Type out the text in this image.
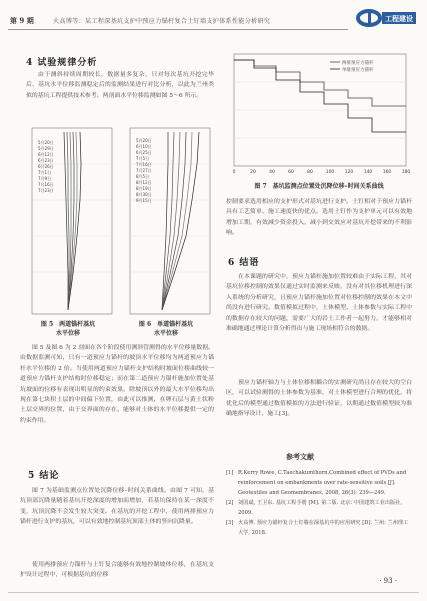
第 9 期	火高博等：某工程深基坑支护中预应力锚杆复合土钉墙支护体系性能分析研究	工程建设
4 试验规律分析

由于测斜持续周期较长，数据量多复杂，只对每次基坑开挖完毕后，基坑水平位移监测稳定后的监测结果进行对比分析，以此为兰州类似的基坑工程提供技术参考。两剖面水平位移监测如图 5～6 所示。

5月20日
5月29日
6月12日
6月23日
6月26日
7月1日
7月9日
7月16日
7月23日
图 5　两道锚杆基坑
水平位移
5月20日
6月10日
6月25日
7月5日
7月16日
7月27日
8月5日
8月12日
8月19日
8月30日
9月15日
图 6　单道锚杆基坑
水平位移

图 5 及图 6 为 2 剖面在各个阶段使用测斜管测得的水平位移量数据。由数据监测可知，只有一道预应力锚杆的坡顶水平位移均为两道预应力锚杆水平位移的 2 倍。当使用两道预应力锚杆支护结构时坡面位移曲线较一道预应力锚杆支护结构时位移稳定；而在第二道预应力锚杆施加位置处基坑坡面的位移有表现出明显的约束效果。除坡顶以外的最大水平位移均出现在第七块积土层的中间偏下位置，由此可以推测，在卵石层与黄土状粉土层交界的位置，由于交界面的存在，能够对土体的水平位移提供一定的约束作用。

5 结论

图 7 为基础监测点位置处沉降位移–时间关系曲线。由图 7 可知，基坑顶部沉降量随着基坑开挖深度的增加而增加，若基坑保持在某一深度不变，坑顶沉降不会发生较大突变。在基坑的开挖工程中，使用两排预应力锚杆进行支护的基坑，可以有效地控制基坑顶部土体的竖向沉降量。

使用两排预应力锚杆与土钉复合能够有效地控制坡体位移，在基坑支护设计过程中，可根据基坑的位移

两排预应力锚杆
单排预应力锚杆
0	20	40	60	80	100 120 140 160 180
图 7　基坑监测点位置处沉降位移–时间关系曲线

控制要求选用相应的支护形式对基坑进行支护。土钉相对于预应力锚杆具有工艺简单、施工速度快的优点。选用土钉作为支护单元可以有效地增加工期，有效减少资金投入，减小到交效应对基坑开挖带来的不利影响。

6 结语

在本课题的研究中，预应力锚杆施加位置较难由于实际工程，其对基坑位移控制的效果仅通过实时监测来反映，没有对其位移机理进行深入系统的分析研究，且预应力锚杆施加位置对位移控制的效果在本文中尚没有进行研究。数值模拟过程中，土体模型、土体参数与实际工程中的数据存在较大的问题，需要广大的岩土工作者一起努力，才能够相对准确地通过理论计算分析得出与施工现场相符合的数据。

预应力锚杆轴力与土体位移相耦合的实测研究尚且存在较大的空白区，可以试验测得的土体参数为基准，对土体模型进行合理的优化，将优化后的模型通过数值模拟的方法进行验证，以期通过数值模型较为准确地指导设计、施工[3]。

参考文献
[1] R.Kerry Rowe, C.Taechakumthorn.Combined effect of PVDs and reinforcement on embankments over rate-sensitive soils [J]. Geotextiles and Geomembranes, 2008, 26(3): 239—249.
[2] 刘国斌, 王卫东. 基坑工程手册 [M]. 第二版. 北京: 中国建筑工业出版社, 2009.
[3] 火高博. 预应力锚杆复合土钉墙在深基坑中的应用研究 [D]. 兰州: 兰州理工大学, 2018.
· 93 ·
